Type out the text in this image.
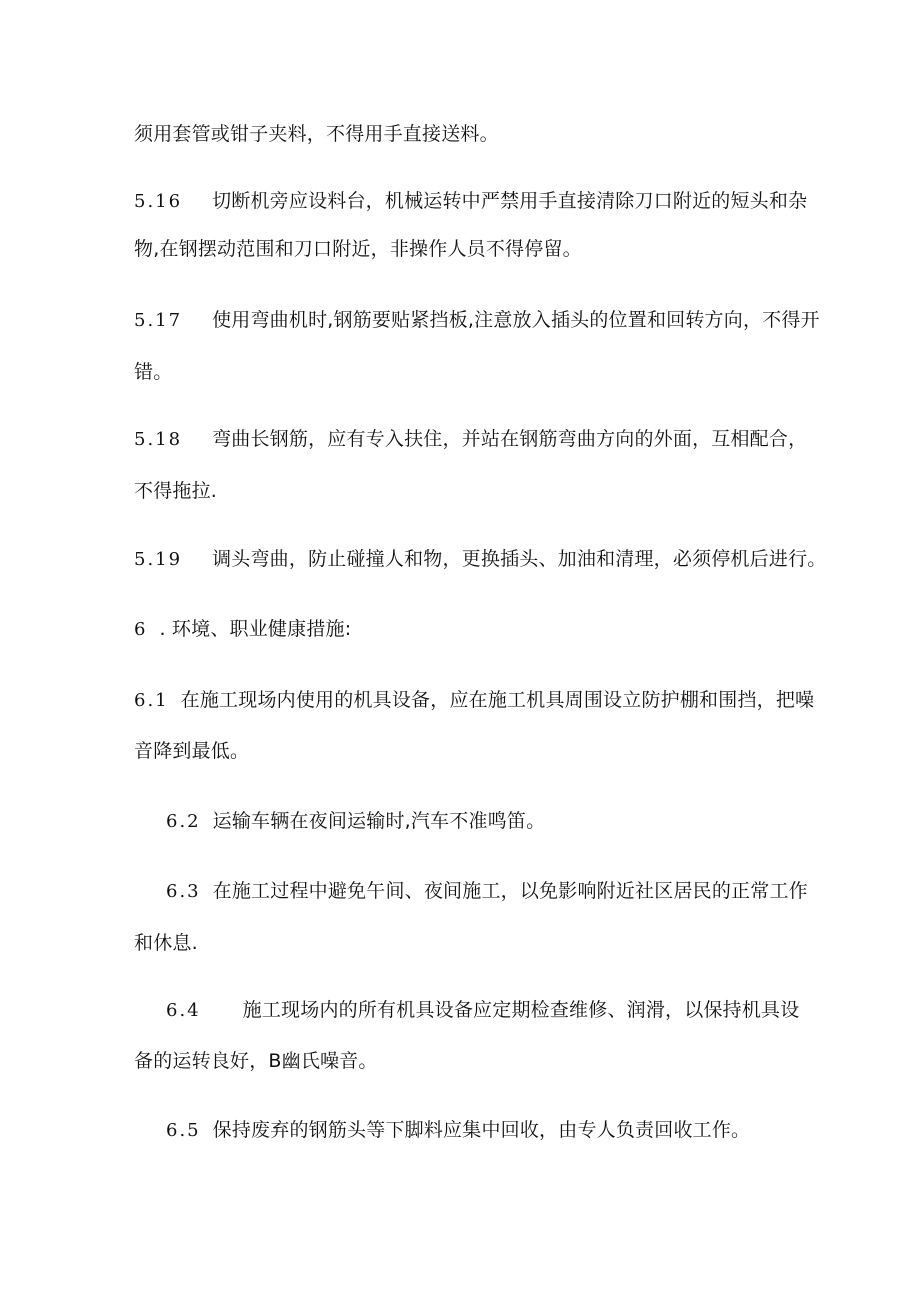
须用套管或钳子夹料，不得用手直接送料。
5.16 切断机旁应设料台，机械运转中严禁用手直接清除刀口附近的短头和杂
物,在钢摆动范围和刀口附近，非操作人员不得停留。
5.17 使用弯曲机时,钢筋要贴紧挡板,注意放入插头的位置和回转方向，不得开
错。
5.18 弯曲长钢筋，应有专入扶住，并站在钢筋弯曲方向的外面，互相配合，
不得拖拉.
5.19 调头弯曲，防止碰撞人和物，更换插头、加油和清理，必须停机后进行。
6 . 环境、职业健康措施:
6.1 在施工现场内使用的机具设备，应在施工机具周围设立防护棚和围挡，把噪
音降到最低。
6.2 运输车辆在夜间运输时,汽车不准鸣笛。
6.3 在施工过程中避免午间、夜间施工，以免影响附近社区居民的正常工作
和休息.
6.4 施工现场内的所有机具设备应定期检查维修、润滑，以保持机具设
备的运转良好，B幽氏噪音。
6.5 保持废弃的钢筋头等下脚料应集中回收，由专人负责回收工作。
